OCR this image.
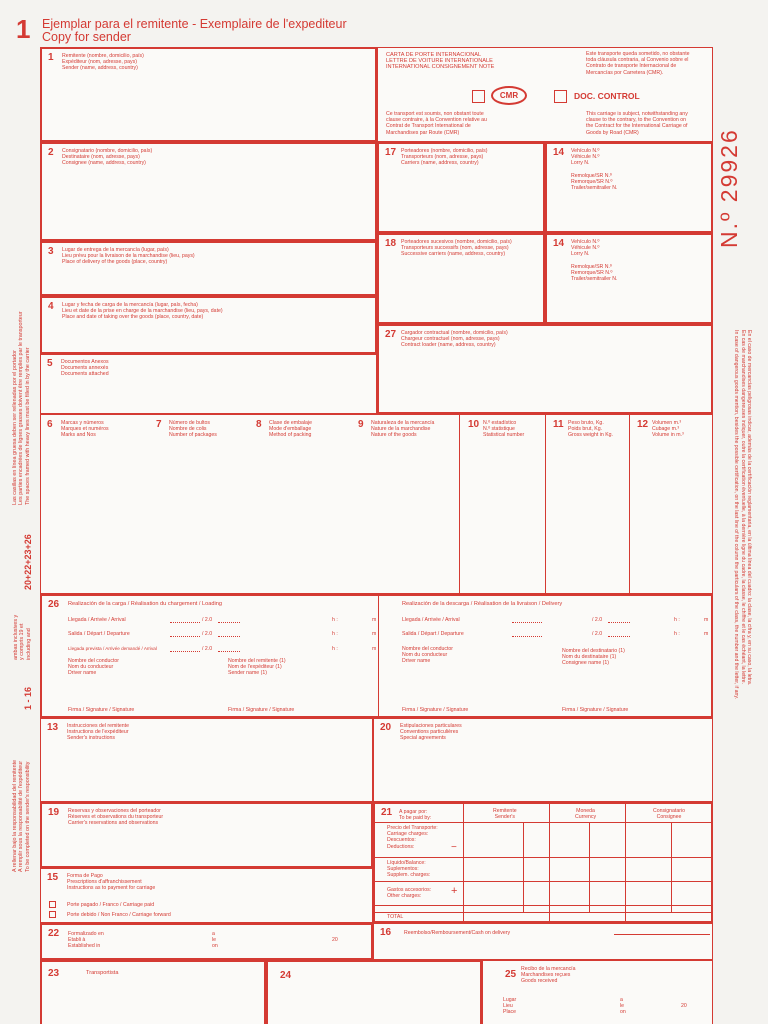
1 Ejemplar para el remitente - Exemplaire de l'expediteur
Copy for sender
N.º 29926
Las casillas en línea gruesa deben ser rellenadas por el portador
Les parties encadrées de lignes grasses doivent être remplies par le transporteur
The spaces framed with heavy lines must be filled in by the carrier
20+22+23+26
ambas inclusives y
y compris 19 et
including and
1 - 16
A rellenar bajo la responsabilidad del remitente
A remplir sous la responsabilité de l'expéditeur
To be completed on the sender's responsibility
En el caso de mercancías peligrosas indicar, además de la certificación reglamentaria, en la última línea del cuadro: la clase, la cifra y, en su caso, la letra.
En cas de marchandises dangereuses indiquer, outre la certification éventuelle, à la dernière ligne du cadre, la classe, le chiffre et le cas échéant, la lettre.
In case of dangerous goods mention, besides the possible certification, on the last line of the column the particulars of the class, the number and the letter, if any.
1 Remitente (nombre, domicilio, país)
Expéditeur (nom, adresse, pays)
Sender (name, address, country)
CARTA DE PORTE INTERNACIONAL
LETTRE DE VOITURE INTERNATIONALE
INTERNATIONAL CONSIGNEMENT NOTE
Este transporte queda sometido, no obstante
toda cláusula contraria, al Convenio sobre el
Contrato de transporte Internacional de
Mercancías por Carretera (CMR).
CMR	DOC. CONTROL
Ce transport est soumis, non obstant toute
clause contraire, à la Convention relative au
Contrat de Transport International de
Marchandises par Route (CMR)
This carriage is subject, notwithstanding any
clause to the contrary, to the Convention on
the Contract for the International Carriage of
Goods by Road (CMR)
2 Consignatario (nombre, domicilio, país)
Destinataire (nom, adresse, pays)
Consignee (name, address, country)
17 Porteadores (nombre, domicilio, país)
Transporteurs (nom, adresse, pays)
Carriers (name, address, country)
14 Vehículo N.º
Véhicule N.º
Lorry N.

Remolque/SR N.º
Remorque/SR N.º
Trailer/semitrailer N.
3 Lugar de entrega de la mercancía (lugar, país)
Lieu prévu pour la livraison de la marchandise (lieu, pays)
Place of delivery of the goods (place, country)
18 Porteadores sucesivos (nombre, domicilio, país)
Transporteurs successifs (nom, adresse, pays)
Successive carriers (name, address, country)
14 Vehículo N.º
Véhicule N.º
Lorry N.

Remolque/SR N.º
Remorque/SR N.º
Trailer/semitrailer N.
4 Lugar y fecha de carga de la mercancía (lugar, país, fecha)
Lieu et date de la prise en charge de la marchandise (lieu, pays, date)
Place and date of taking over the goods (place, country, date)
27 Cargador contractual (nombre, domicilio, país)
Chargeur contractuel (nom, adresse, pays)
Contract loader (name, address, country)
5 Documentos Anexos
Documents annexés
Documents attached
6 Marcas y números
Marques et numéros
Marks and Nos
7 Número de bultos
Nombre de colis
Number of packages
8 Clase de embalaje
Mode d'emballage
Method of packing
9 Naturaleza de la mercancía
Nature de la marchandise
Nature of the goods
10 N.º estadístico
N.º statistique
Statistical number
11 Peso bruto, Kg.
Poids brut, Kg.
Gross weight in Kg.
12 Volumen m.³
Cubage m.³
Volume in m.³
26 Realización de la carga / Réalisation du chargement / Loading	Realización de la descarga / Réalisation de la livraison / Delivery
Llegada / Arrivée / Arrival	/ 2.0	h :	m
Salida / Départ / Departure	/ 2.0	h :	m
Llegada prevista / Arrivée demandé / Arrival	/ 2.0	h :	m
Nombre del conductor
Nom du conducteur
Driver name
Nombre del remitente (1)
Nom de l'expéditeur (1)
Sender name (1)
Firma / Signature / Signature	Firma / Signature / Signature
Llegada / Arrivée / Arrival	/ 2.0	h :	m
Salida / Départ / Departure	/ 2.0	h :	m
Nombre del conductor
Nom du conducteur
Driver name
Nombre del destinatario (1)
Nom du destinataire (1)
Consignee name (1)
Firma / Signature / Signature	Firma / Signature / Signature
13 Instrucciones del remitente
Instructions de l'expéditeur
Sender's instructions
20 Estipulaciones particulares
Conventions particulières
Special agreements
19 Reservas y observaciones del porteador
Réserves et observations du transporteur
Carrier's reservations and observations
15 Forma de Pago
Prescriptions d'affranchissement
Instructions as to payment for carriage
Porte pagado / Franco / Carriage paid
Porte debido / Non Franco / Carriage forward
21 A pagar por:
To be paid by:
Remitente
Sender's
Moneda
Currency
Consignatario
Consignee
Precio del Transporte:
Carriage charges:
Descuentos:
Deductions:	−
Líquido/Balance:
Suplementos:
Supplem. charges:
Gastos accesorios:
Other charges:	+
TOTAL
22 Formalizado en
Etabli à
Established in
a
le
on
20
16 Reembolso/Remboursement/Cash on delivery
23	Transportista	24	25 Recibo de la mercancía
Marchandises reçues
Goods received
Lugar
Lieu
Place
a
le
on
20
